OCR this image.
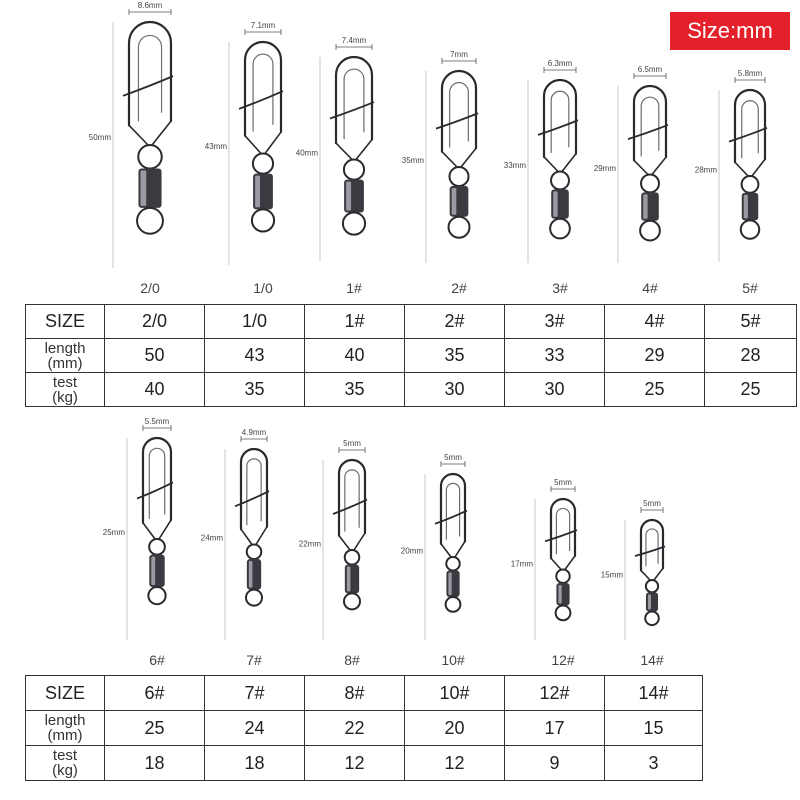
Size:mm
8.6mm
50mm
2/0
7.1mm
43mm
1/0
7.4mm
40mm
1#
7mm
35mm
2#
6.3mm
33mm
3#
6.5mm
29mm
4#
5.8mm
28mm
5#
5.5mm
25mm
6#
4.9mm
24mm
7#
5mm
22mm
8#
5mm
20mm
10#
5mm
17mm
12#
5mm
15mm
14#
SIZE	2/0	1/0	1#	2#	3#	4#	5#
length
(mm)	50	43	40	35	33	29	28
test
(kg)	40	35	35	30	30	25	25
SIZE	6#	7#	8#	10#	12#	14#
length
(mm)	25	24	22	20	17	15
test
(kg)	18	18	12	12	9	3
